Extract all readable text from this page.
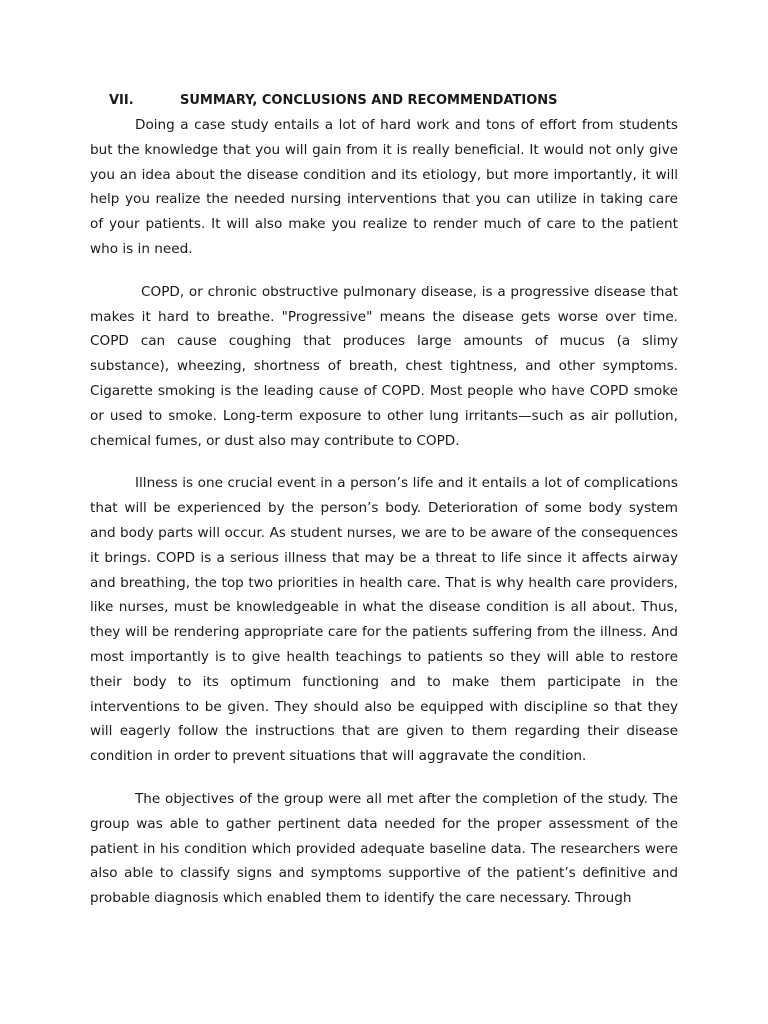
VII.	SUMMARY, CONCLUSIONS AND RECOMMENDATIONS

Doing a case study entails a lot of hard work and tons of effort from students but the knowledge that you will gain from it is really beneficial. It would not only give you an idea about the disease condition and its etiology, but more importantly, it will help you realize the needed nursing interventions that you can utilize in taking care of your patients. It will also make you realize to render much of care to the patient who is in need.

COPD, or chronic obstructive pulmonary disease, is a progressive disease that makes it hard to breathe. "Progressive" means the disease gets worse over time. COPD can cause coughing that produces large amounts of mucus (a slimy substance), wheezing, shortness of breath, chest tightness, and other symptoms. Cigarette smoking is the leading cause of COPD. Most people who have COPD smoke or used to smoke. Long-term exposure to other lung irritants—such as air pollution, chemical fumes, or dust also may contribute to COPD.

Illness is one crucial event in a person’s life and it entails a lot of complications that will be experienced by the person’s body. Deterioration of some body system and body parts will occur. As student nurses, we are to be aware of the consequences it brings. COPD is a serious illness that may be a threat to life since it affects airway and breathing, the top two priorities in health care. That is why health care providers, like nurses, must be knowledgeable in what the disease condition is all about. Thus, they will be rendering appropriate care for the patients suffering from the illness. And most importantly is to give health teachings to patients so they will able to restore their body to its optimum functioning and to make them participate in the interventions to be given. They should also be equipped with discipline so that they will eagerly follow the instructions that are given to them regarding their disease condition in order to prevent situations that will aggravate the condition.

The objectives of the group were all met after the completion of the study. The group was able to gather pertinent data needed for the proper assessment of the patient in his condition which provided adequate baseline data. The researchers were also able to classify signs and symptoms supportive of the patient’s definitive and probable diagnosis which enabled them to identify the care necessary. Through
